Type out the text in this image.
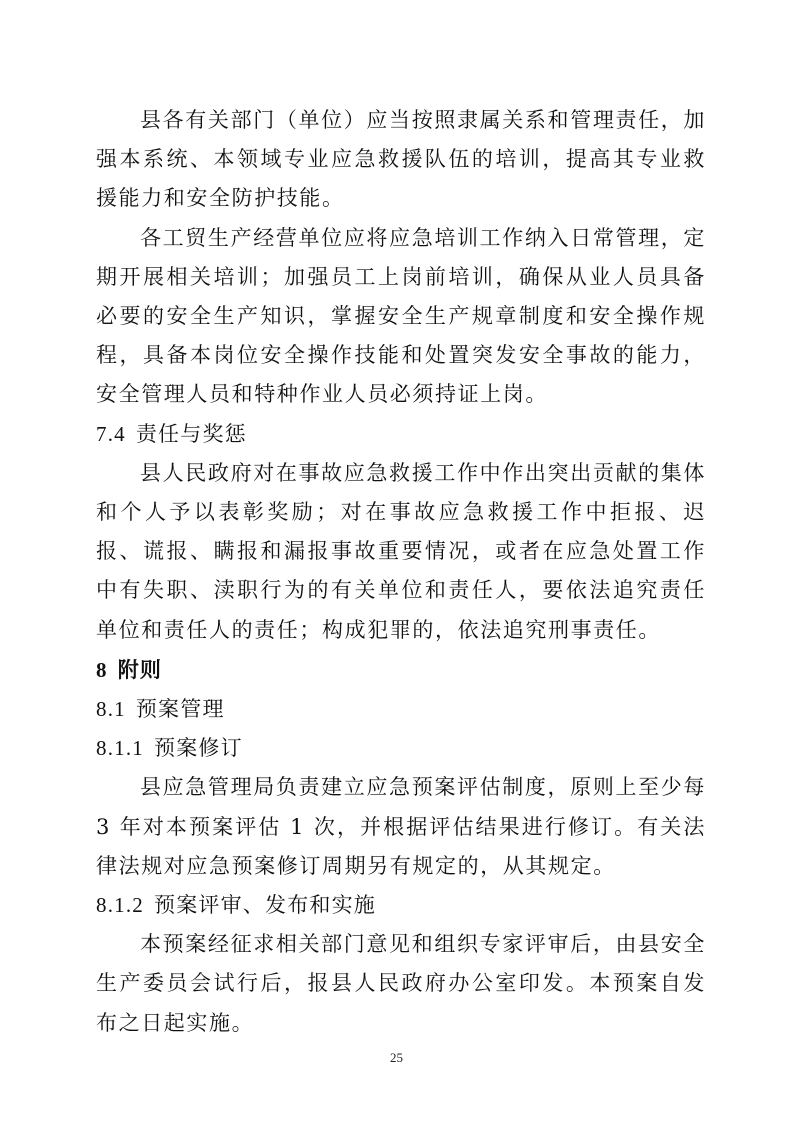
县各有关部门（单位）应当按照隶属关系和管理责任，加强本系统、本领域专业应急救援队伍的培训，提高其专业救援能力和安全防护技能。

各工贸生产经营单位应将应急培训工作纳入日常管理，定期开展相关培训；加强员工上岗前培训，确保从业人员具备必要的安全生产知识，掌握安全生产规章制度和安全操作规程，具备本岗位安全操作技能和处置突发安全事故的能力，安全管理人员和特种作业人员必须持证上岗。

7.4 责任与奖惩

县人民政府对在事故应急救援工作中作出突出贡献的集体和个人予以表彰奖励；对在事故应急救援工作中拒报、迟报、谎报、瞒报和漏报事故重要情况，或者在应急处置工作中有失职、渎职行为的有关单位和责任人，要依法追究责任单位和责任人的责任；构成犯罪的，依法追究刑事责任。

8 附则

8.1 预案管理

8.1.1 预案修订

县应急管理局负责建立应急预案评估制度，原则上至少每 3 年对本预案评估 1 次，并根据评估结果进行修订。有关法律法规对应急预案修订周期另有规定的，从其规定。

8.1.2 预案评审、发布和实施

本预案经征求相关部门意见和组织专家评审后，由县安全生产委员会试行后，报县人民政府办公室印发。本预案自发布之日起实施。

25
